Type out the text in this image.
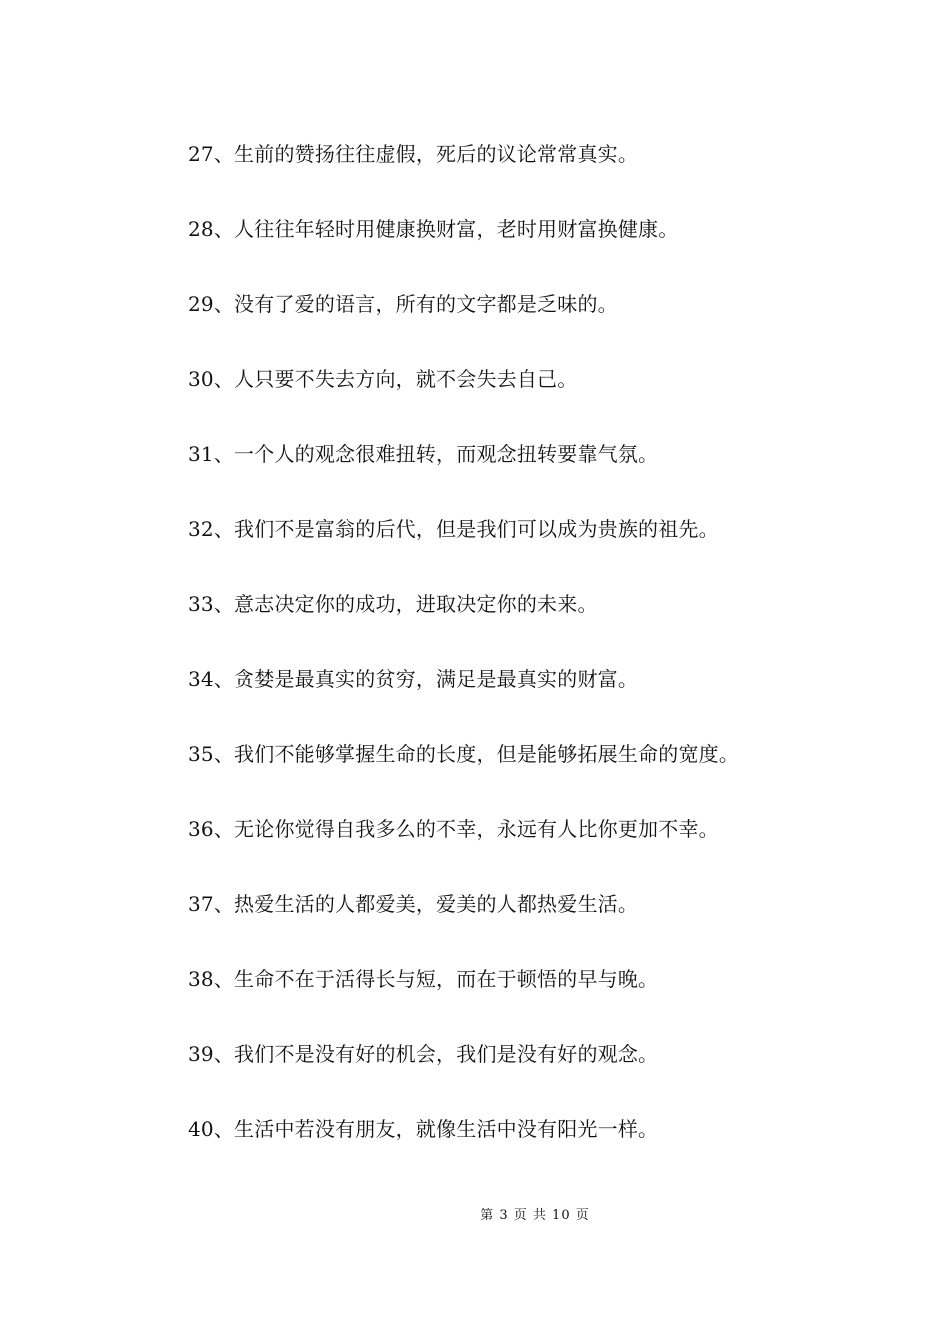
27、生前的赞扬往往虚假，死后的议论常常真实。
28、人往往年轻时用健康换财富，老时用财富换健康。
29、没有了爱的语言，所有的文字都是乏味的。
30、人只要不失去方向，就不会失去自己。
31、一个人的观念很难扭转，而观念扭转要靠气氛。
32、我们不是富翁的后代，但是我们可以成为贵族的祖先。
33、意志决定你的成功，进取决定你的未来。
34、贪婪是最真实的贫穷，满足是最真实的财富。
35、我们不能够掌握生命的长度，但是能够拓展生命的宽度。
36、无论你觉得自我多么的不幸，永远有人比你更加不幸。
37、热爱生活的人都爱美，爱美的人都热爱生活。
38、生命不在于活得长与短，而在于顿悟的早与晚。
39、我们不是没有好的机会，我们是没有好的观念。
40、生活中若没有朋友，就像生活中没有阳光一样。
第 3 页 共 10 页
